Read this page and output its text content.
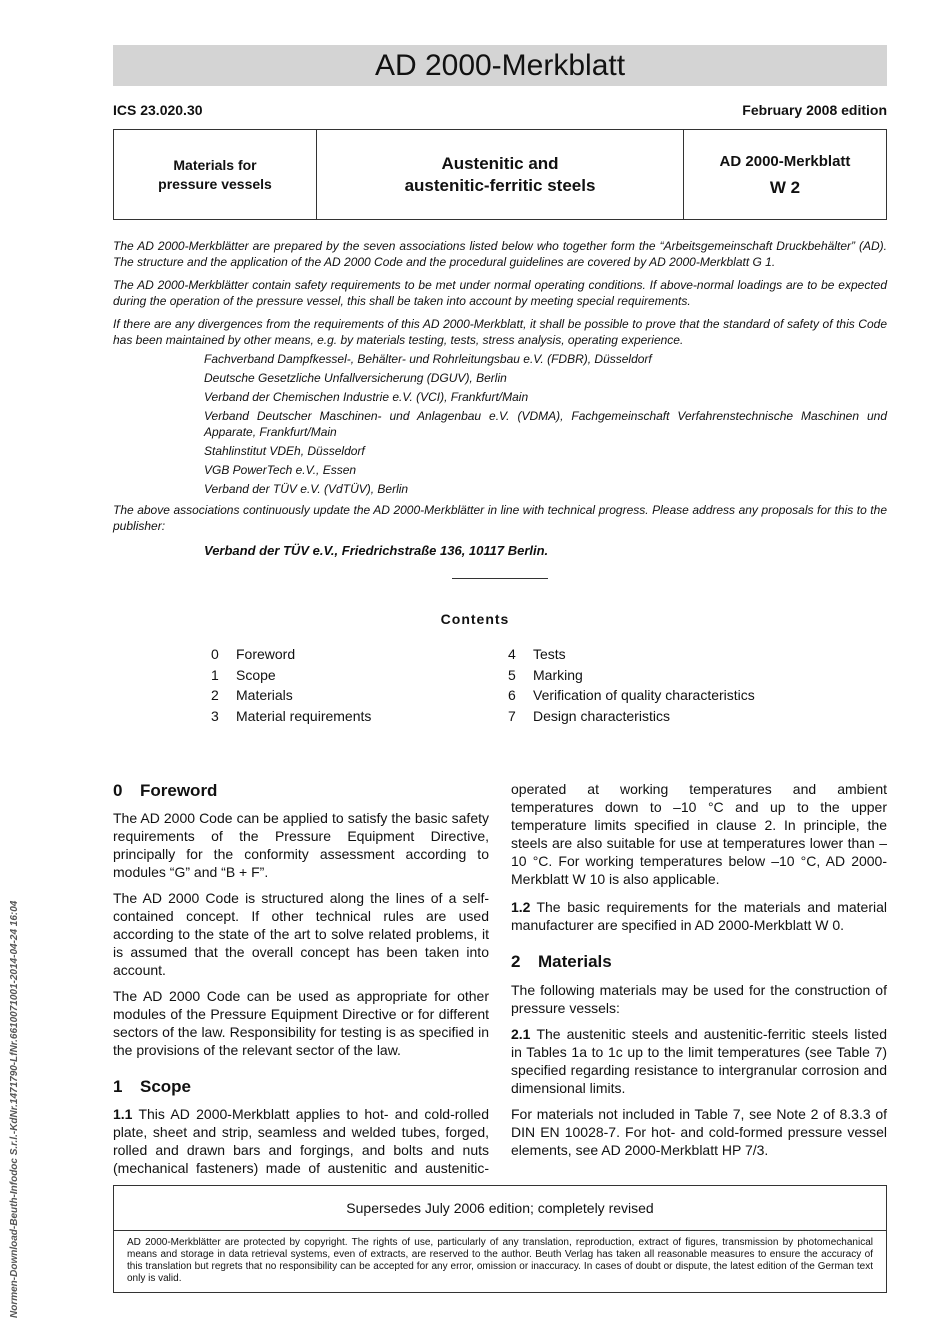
AD 2000-Merkblatt
ICS 23.020.30	February 2008 edition
Materials for
pressure vessels
Austenitic and
austenitic-ferritic steels
AD 2000-Merkblatt
W 2

The AD 2000-Merkblätter are prepared by the seven associations listed below who together form the “Arbeitsgemeinschaft Druckbehälter” (AD). The structure and the application of the AD 2000 Code and the procedural guidelines are covered by AD 2000-Merkblatt G 1.

The AD 2000-Merkblätter contain safety requirements to be met under normal operating conditions. If above-normal loadings are to be expected during the operation of the pressure vessel, this shall be taken into account by meeting special requirements.

If there are any divergences from the requirements of this AD 2000-Merkblatt, it shall be possible to prove that the standard of safety of this Code has been maintained by other means, e.g. by materials testing, tests, stress analysis, operating experience.

Fachverband Dampfkessel-, Behälter- und Rohrleitungsbau e.V. (FDBR), Düsseldorf
Deutsche Gesetzliche Unfallversicherung (DGUV), Berlin
Verband der Chemischen Industrie e.V. (VCI), Frankfurt/Main
Verband Deutscher Maschinen- und Anlagenbau e.V. (VDMA), Fachgemeinschaft Verfahrenstechnische Maschinen und Apparate, Frankfurt/Main
Stahlinstitut VDEh, Düsseldorf
VGB PowerTech e.V., Essen
Verband der TÜV e.V. (VdTÜV), Berlin

The above associations continuously update the AD 2000-Merkblätter in line with technical progress. Please address any proposals for this to the publisher:

Verband der TÜV e.V., Friedrichstraße 136, 10117 Berlin.
Contents
0 Foreword
1 Scope
2 Materials
3 Material requirements
4 Tests
5 Marking
6 Verification of quality characteristics
7 Design characteristics
0 Foreword

The AD 2000 Code can be applied to satisfy the basic safety requirements of the Pressure Equipment Directive, principally for the conformity assessment according to modules “G” and “B + F”.

The AD 2000 Code is structured along the lines of a self-contained concept. If other technical rules are used according to the state of the art to solve related problems, it is assumed that the overall concept has been taken into account.

The AD 2000 Code can be used as appropriate for other modules of the Pressure Equipment Directive or for different sectors of the law. Responsibility for testing is as specified in the provisions of the relevant sector of the law.

1 Scope

1.1 This AD 2000-Merkblatt applies to hot- and cold-rolled plate, sheet and strip, seamless and welded tubes, forged, rolled and drawn bars and forgings, and bolts and nuts (mechanical fasteners) made of austenitic and austenitic-

operated at working temperatures and ambient temperatures down to –10 °C and up to the upper temperature limits specified in clause 2. In principle, the steels are also suitable for use at temperatures lower than –10 °C. For working temperatures below –10 °C, AD 2000-Merkblatt W 10 is also applicable.

1.2 The basic requirements for the materials and material manufacturer are specified in AD 2000-Merkblatt W 0.

2 Materials

The following materials may be used for the construction of pressure vessels:

2.1 The austenitic steels and austenitic-ferritic steels listed in Tables 1a to 1c up to the limit temperatures (see Table 7) specified regarding resistance to intergranular corrosion and dimensional limits.

For materials not included in Table 7, see Note 2 of 8.3.3 of DIN EN 10028-7. For hot- and cold-formed pressure vessel elements, see AD 2000-Merkblatt HP 7/3.

Normen-Download-Beuth-Infodoc S.r.l.-KdNr.1471790-LfNr.6610071001-2014-04-24 16:04	Supersedes July 2006 edition; completely revised
AD 2000-Merkblätter are protected by copyright. The rights of use, particularly of any translation, reproduction, extract of figures, transmission by photomechanical means and storage in data retrieval systems, even of extracts, are reserved to the author. Beuth Verlag has taken all reasonable measures to ensure the accuracy of this translation but regrets that no responsibility can be accepted for any error, omission or inaccuracy. In cases of doubt or dispute, the latest edition of the German text only is valid.
